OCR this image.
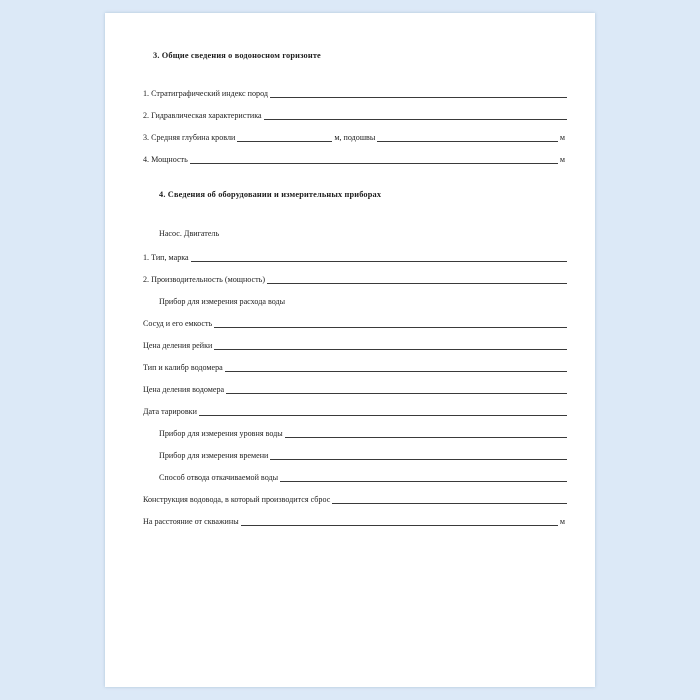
3. Общие сведения о водоносном горизонте
1. Стратиграфический индекс пород
2. Гидравлическая характеристика
3. Средняя глубина кровли	м, подошвы	м
4. Мощность	м
4. Сведения об оборудовании и измерительных приборах
Насос. Двигатель
1. Тип, марка
2. Производительность (мощность)
Прибор для измерения расхода воды
Сосуд и его емкость
Цена деления рейки
Тип и калибр водомера
Цена деления водомера
Дата тарировки
Прибор для измерения уровня воды
Прибор для измерения времени
Способ отвода откачиваемой воды
Конструкция водовода, в который производится сброс
На расстояние от скважины	м
